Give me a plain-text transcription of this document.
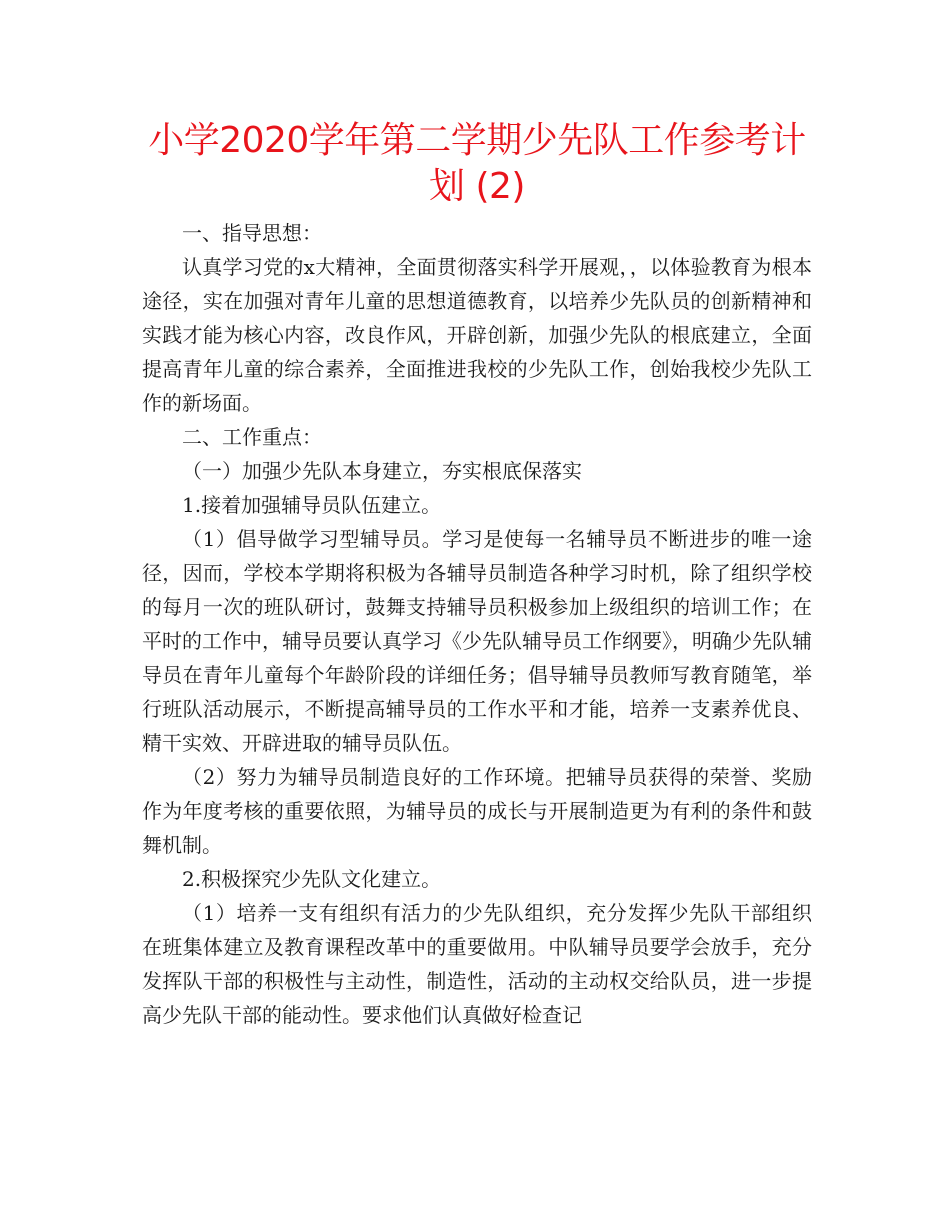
小学2020学年第二学期少先队工作参考计划 (2)

一、指导思想：

认真学习党的x大精神，全面贯彻落实科学开展观，，以体验教育为根本途径，实在加强对青年儿童的思想道德教育，以培养少先队员的创新精神和实践才能为核心内容，改良作风，开辟创新，加强少先队的根底建立，全面提高青年儿童的综合素养，全面推进我校的少先队工作，创始我校少先队工作的新场面。

二、工作重点：

（一）加强少先队本身建立，夯实根底保落实

1.接着加强辅导员队伍建立。

（1）倡导做学习型辅导员。学习是使每一名辅导员不断进步的唯一途径，因而，学校本学期将积极为各辅导员制造各种学习时机，除了组织学校的每月一次的班队研讨，鼓舞支持辅导员积极参加上级组织的培训工作；在平时的工作中，辅导员要认真学习《少先队辅导员工作纲要》，明确少先队辅导员在青年儿童每个年龄阶段的详细任务；倡导辅导员教师写教育随笔，举行班队活动展示，不断提高辅导员的工作水平和才能，培养一支素养优良、精干实效、开辟进取的辅导员队伍。

（2）努力为辅导员制造良好的工作环境。把辅导员获得的荣誉、奖励作为年度考核的重要依照，为辅导员的成长与开展制造更为有利的条件和鼓舞机制。

2.积极探究少先队文化建立。

（1）培养一支有组织有活力的少先队组织，充分发挥少先队干部组织在班集体建立及教育课程改革中的重要做用。中队辅导员要学会放手，充分发挥队干部的积极性与主动性，制造性，活动的主动权交给队员，进一步提高少先队干部的能动性。要求他们认真做好检查记
